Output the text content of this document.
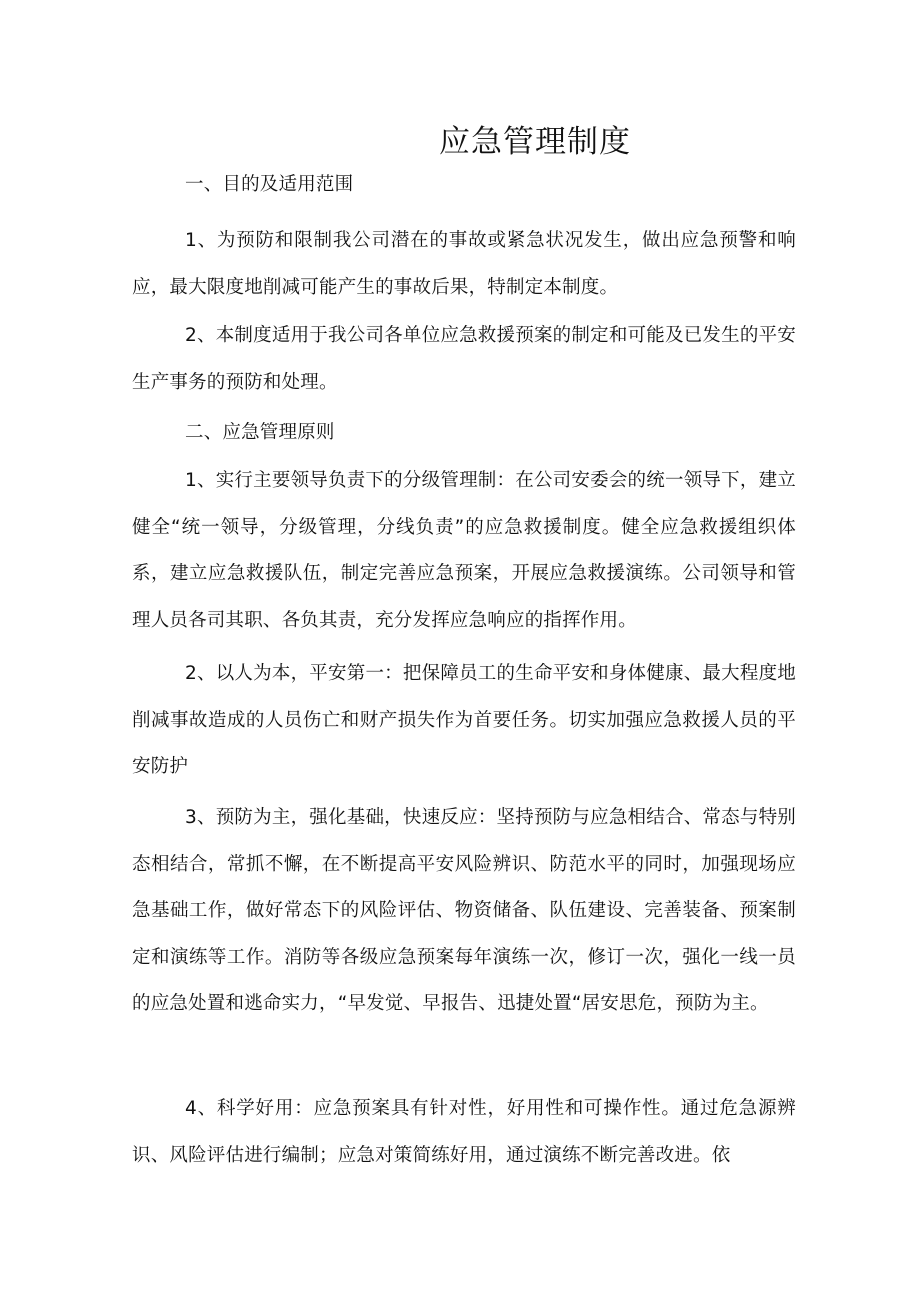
应急管理制度
一、目的及适用范围
1、为预防和限制我公司潜在的事故或紧急状况发生，做出应急预警和响应，最大限度地削减可能产生的事故后果，特制定本制度。
2、本制度适用于我公司各单位应急救援预案的制定和可能及已发生的平安生产事务的预防和处理。
二、应急管理原则
1、实行主要领导负责下的分级管理制：在公司安委会的统一领导下，建立健全“统一领导，分级管理，分线负责”的应急救援制度。健全应急救援组织体系，建立应急救援队伍，制定完善应急预案，开展应急救援演练。公司领导和管理人员各司其职、各负其责，充分发挥应急响应的指挥作用。
2、以人为本，平安第一：把保障员工的生命平安和身体健康、最大程度地削减事故造成的人员伤亡和财产损失作为首要任务。切实加强应急救援人员的平安防护
3、预防为主，强化基础，快速反应：坚持预防与应急相结合、常态与特别态相结合，常抓不懈，在不断提高平安风险辨识、防范水平的同时，加强现场应急基础工作，做好常态下的风险评估、物资储备、队伍建设、完善装备、预案制定和演练等工作。消防等各级应急预案每年演练一次，修订一次，强化一线一员的应急处置和逃命实力，“早发觉、早报告、迅捷处置“居安思危，预防为主。
4、科学好用：应急预案具有针对性，好用性和可操作性。通过危急源辨识、风险评估进行编制；应急对策简练好用，通过演练不断完善改进。依
